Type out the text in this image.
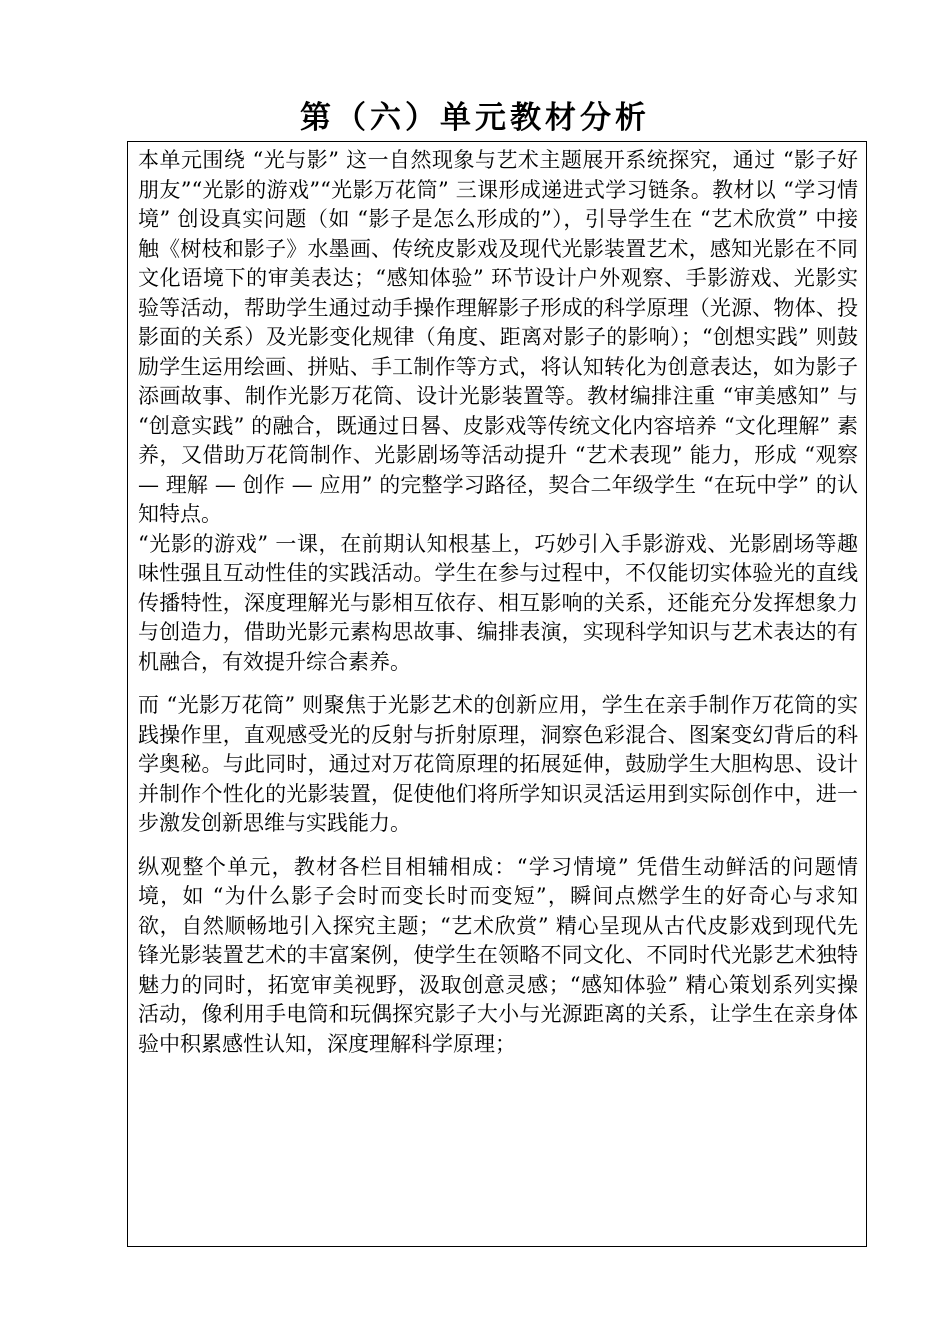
第（六）单元教材分析

本单元围绕 “光与影” 这一自然现象与艺术主题展开系统探究，通过 “影子好朋友”“光影的游戏”“光影万花筒” 三课形成递进式学习链条。教材以 “学习情境” 创设真实问题（如 “影子是怎么形成的”），引导学生在 “艺术欣赏” 中接触《树枝和影子》水墨画、传统皮影戏及现代光影装置艺术，感知光影在不同文化语境下的审美表达；“感知体验” 环节设计户外观察、手影游戏、光影实验等活动，帮助学生通过动手操作理解影子形成的科学原理（光源、物体、投影面的关系）及光影变化规律（角度、距离对影子的影响）；“创想实践” 则鼓励学生运用绘画、拼贴、手工制作等方式，将认知转化为创意表达，如为影子添画故事、制作光影万花筒、设计光影装置等。教材编排注重 “审美感知” 与 “创意实践” 的融合，既通过日晷、皮影戏等传统文化内容培养 “文化理解” 素养，又借助万花筒制作、光影剧场等活动提升 “艺术表现” 能力，形成 “观察 — 理解 — 创作 — 应用” 的完整学习路径，契合二年级学生 “在玩中学” 的认知特点。

“光影的游戏” 一课，在前期认知根基上，巧妙引入手影游戏、光影剧场等趣味性强且互动性佳的实践活动。学生在参与过程中，不仅能切实体验光的直线传播特性，深度理解光与影相互依存、相互影响的关系，还能充分发挥想象力与创造力，借助光影元素构思故事、编排表演，实现科学知识与艺术表达的有机融合，有效提升综合素养。

而 “光影万花筒” 则聚焦于光影艺术的创新应用，学生在亲手制作万花筒的实践操作里，直观感受光的反射与折射原理，洞察色彩混合、图案变幻背后的科学奥秘。与此同时，通过对万花筒原理的拓展延伸，鼓励学生大胆构思、设计并制作个性化的光影装置，促使他们将所学知识灵活运用到实际创作中，进一步激发创新思维与实践能力。

纵观整个单元，教材各栏目相辅相成：“学习情境” 凭借生动鲜活的问题情境，如 “为什么影子会时而变长时而变短”，瞬间点燃学生的好奇心与求知欲，自然顺畅地引入探究主题；“艺术欣赏” 精心呈现从古代皮影戏到现代先锋光影装置艺术的丰富案例，使学生在领略不同文化、不同时代光影艺术独特魅力的同时，拓宽审美视野，汲取创意灵感；“感知体验” 精心策划系列实操活动，像利用手电筒和玩偶探究影子大小与光源距离的关系，让学生在亲身体验中积累感性认知，深度理解科学原理；
